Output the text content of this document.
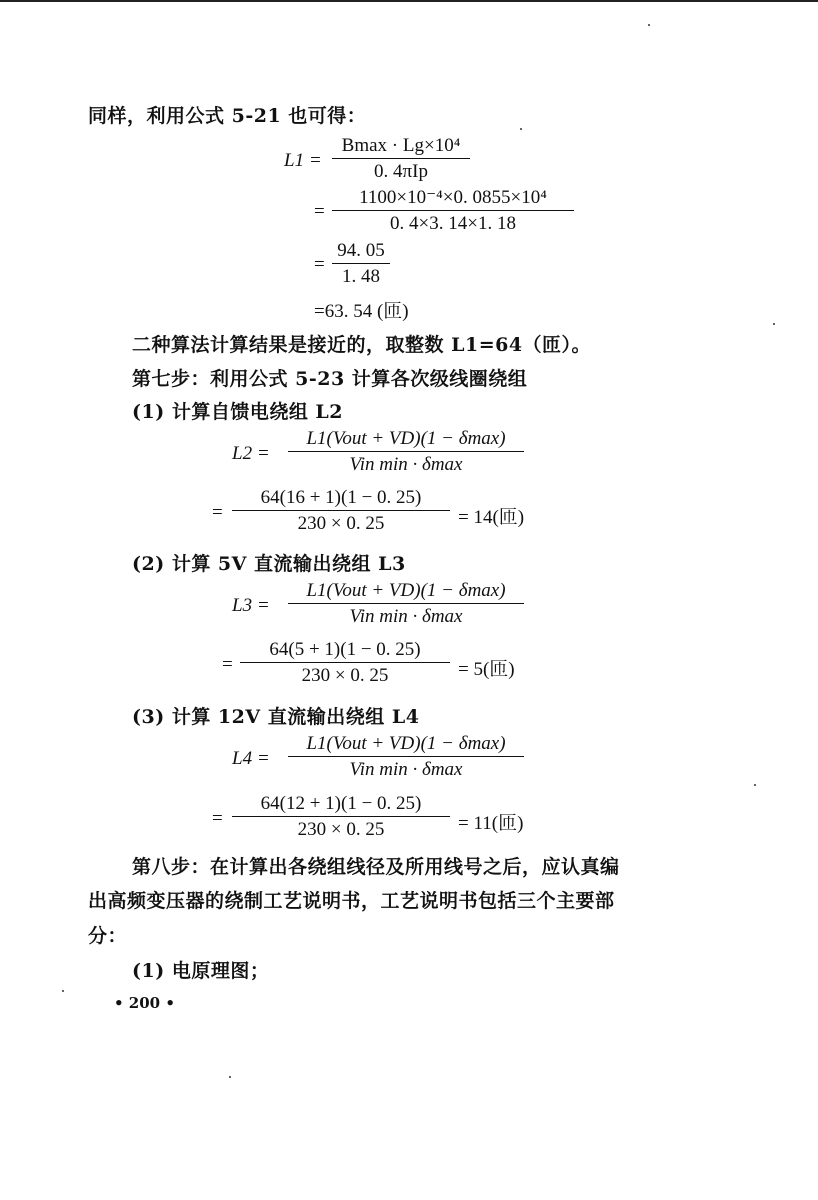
同样，利用公式 5-21 也可得：
L1 =
Bmax · Lg×10⁴
0. 4πIp
=
1100×10⁻⁴×0. 0855×10⁴
0. 4×3. 14×1. 18
=
94. 05
1. 48
=63. 54 (匝)
二种算法计算结果是接近的，取整数 L1=64（匝）。
第七步：利用公式 5-23 计算各次级线圈绕组
(1) 计算自馈电绕组 L2
L2 =
L1(Vout + VD)(1 − δmax)
Vin min · δmax
=
64(16 + 1)(1 − 0. 25)
230 × 0. 25	= 14(匝)
(2) 计算 5V 直流输出绕组 L3
L3 =
L1(Vout + VD)(1 − δmax)
Vin min · δmax
=
64(5 + 1)(1 − 0. 25)
230 × 0. 25	= 5(匝)
(3) 计算 12V 直流输出绕组 L4
L4 =
L1(Vout + VD)(1 − δmax)
Vin min · δmax
=
64(12 + 1)(1 − 0. 25)
230 × 0. 25	= 11(匝)
第八步：在计算出各绕组线径及所用线号之后，应认真编
出高频变压器的绕制工艺说明书，工艺说明书包括三个主要部
分：
(1) 电原理图；
• 200 •
